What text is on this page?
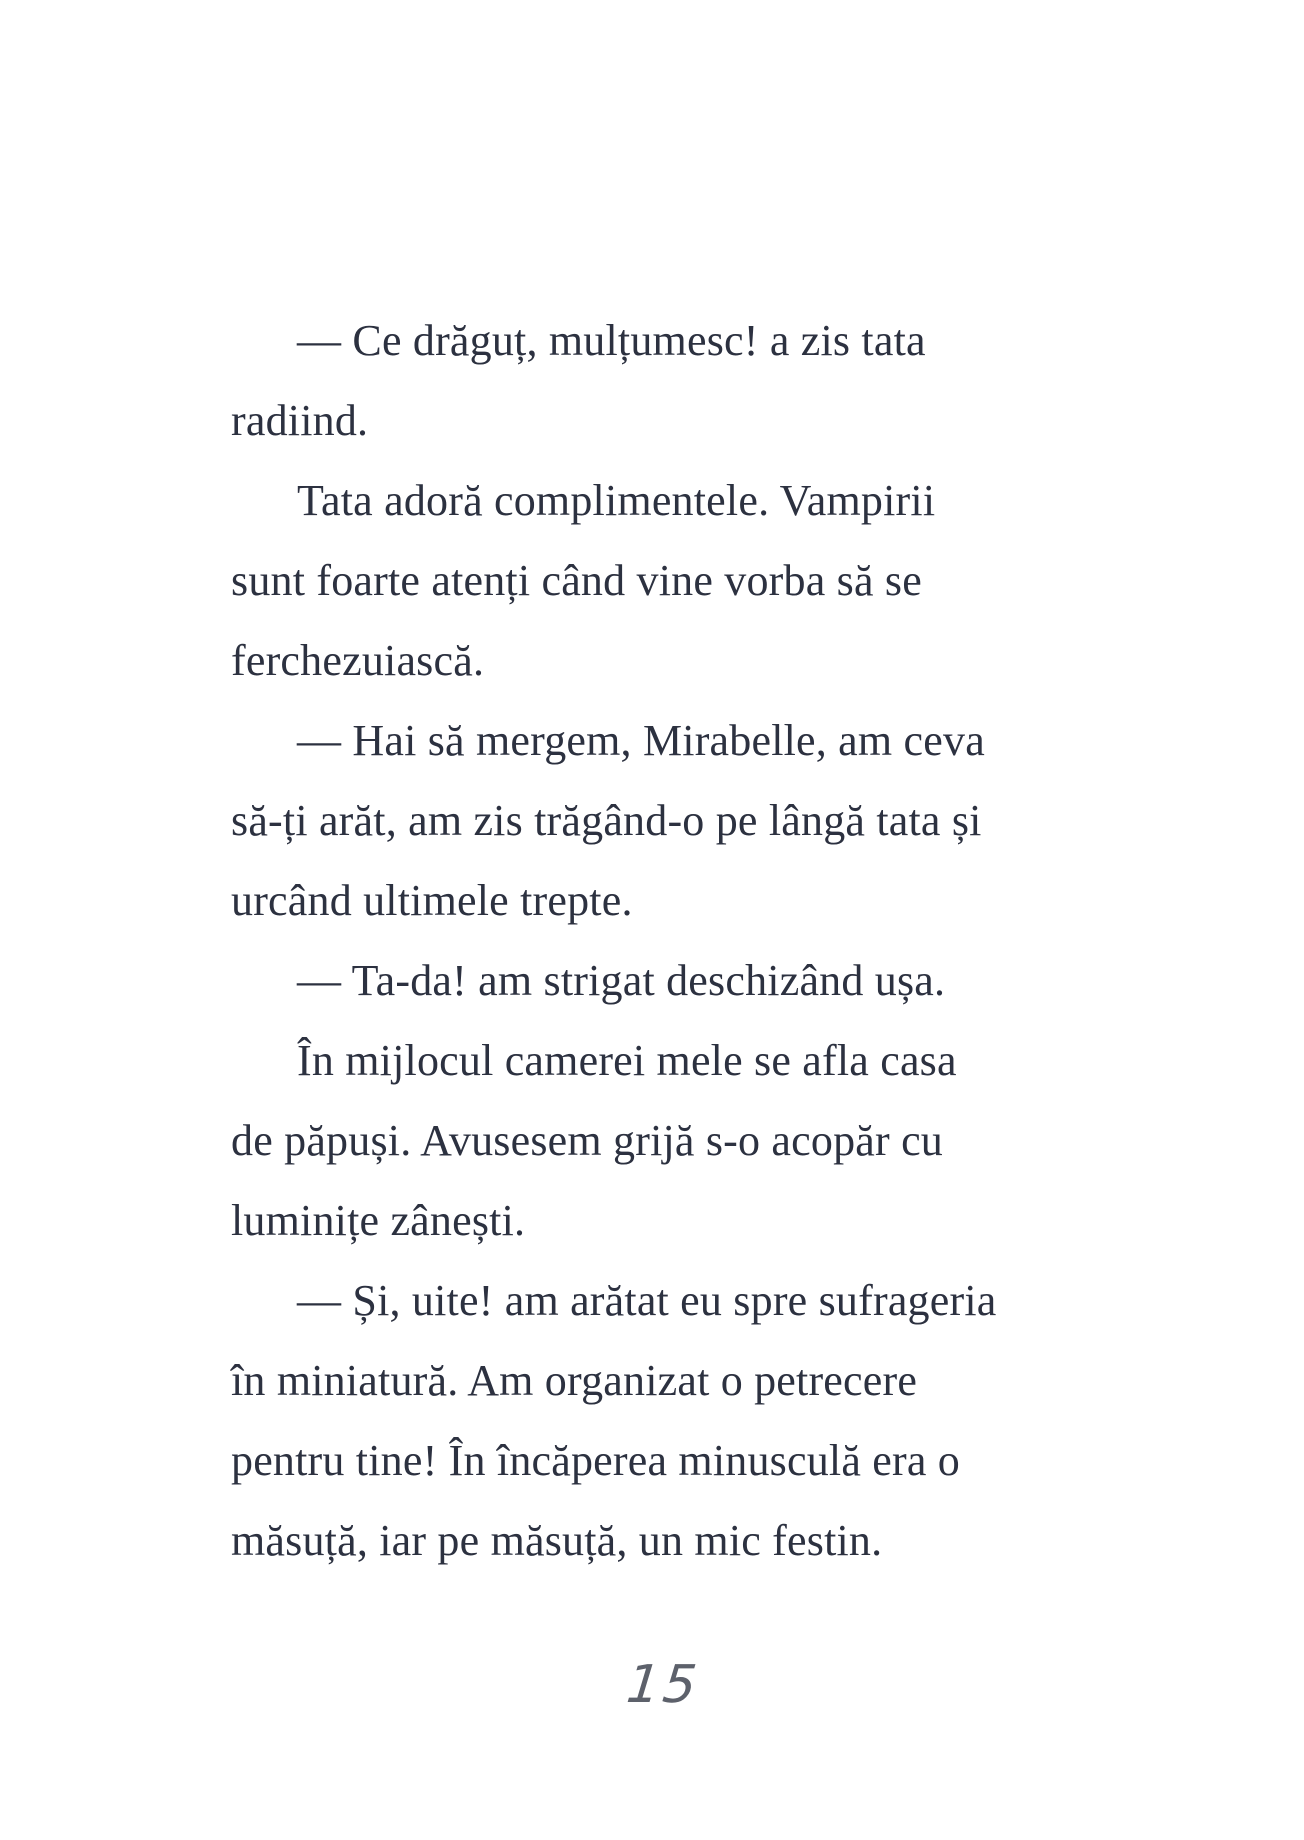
— Ce drăguț, mulțumesc! a zis tata
radiind.
Tata adoră complimentele. Vampirii
sunt foarte atenți când vine vorba să se
ferchezuiască.
— Hai să mergem, Mirabelle, am ceva
să-ți arăt, am zis trăgând-o pe lângă tata și
urcând ultimele trepte.
— Ta-da! am strigat deschizând ușa.
În mijlocul camerei mele se afla casa
de păpuși. Avusesem grijă s-o acopăr cu
luminițe zânești.
— Și, uite! am arătat eu spre sufrageria
în miniatură. Am organizat o petrecere
pentru tine! În încăperea minusculă era o
măsuță, iar pe măsuță, un mic festin.
15
